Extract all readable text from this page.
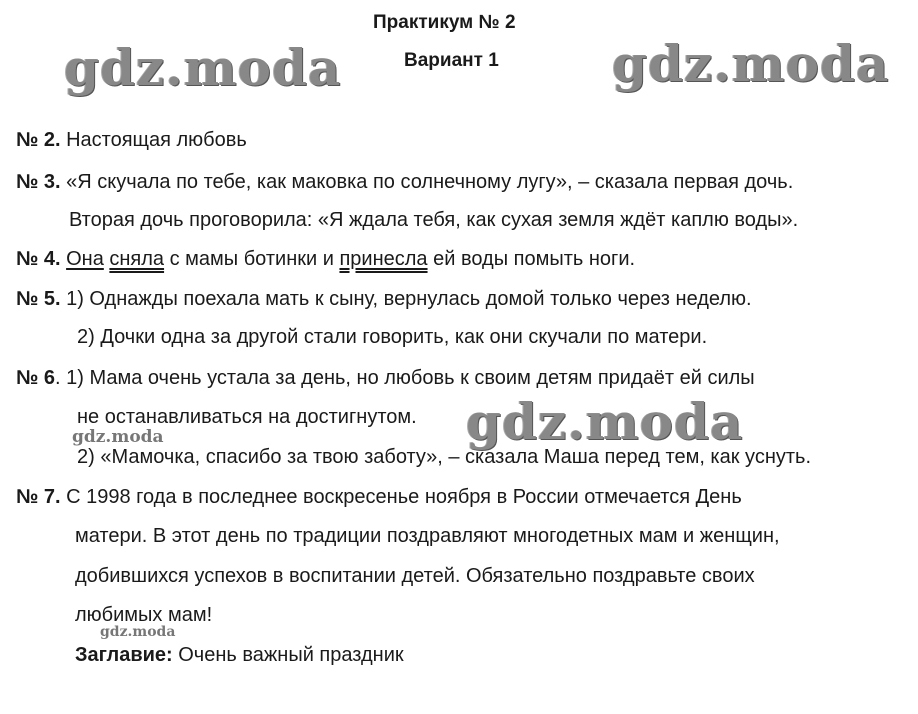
Практикум № 2
Вариант 1
gdz.moda	gdz.moda
gdz.moda
gdz.moda
gdz.moda
№ 2. Настоящая любовь
№ 3. «Я скучала по тебе, как маковка по солнечному лугу», – сказала первая дочь.
Вторая дочь проговорила: «Я ждала тебя, как сухая земля ждёт каплю воды».
№ 4. Она сняла с мамы ботинки и принесла ей воды помыть ноги.
№ 5. 1) Однажды поехала мать к сыну, вернулась домой только через неделю.
2) Дочки одна за другой стали говорить, как они скучали по матери.
№ 6. 1) Мама очень устала за день, но любовь к своим детям придаёт ей силы
не останавливаться на достигнутом.
2) «Мамочка, спасибо за твою заботу», – сказала Маша перед тем, как уснуть.
№ 7. С 1998 года в последнее воскресенье ноября в России отмечается День
матери. В этот день по традиции поздравляют многодетных мам и женщин,
добившихся успехов в воспитании детей. Обязательно поздравьте своих
любимых мам!
Заглавие: Очень важный праздник
